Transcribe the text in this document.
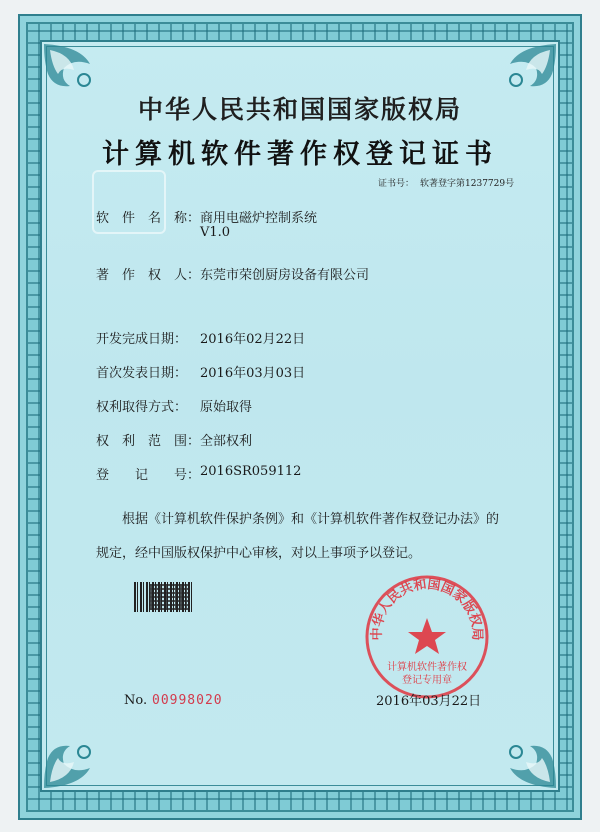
中华人民共和国国家版权局
计算机软件著作权登记证书
证书号： 软著登字第1237729号
软　件　名　称： 商用电磁炉控制系统
V1.0
著　作　权　人： 东莞市荣创厨房设备有限公司
开发完成日期： 2016年02月22日
首次发表日期： 2016年03月03日
权利取得方式： 原始取得
权　利　范　围： 全部权利
登　　记　　号： 2016SR059112
根据《计算机软件保护条例》和《计算机软件著作权登记办法》的
规定，经中国版权保护中心审核，对以上事项予以登记。
中华人民共和国国家版权局
计算机软件著作权
登记专用章
No. 00998020	2016年03月22日
